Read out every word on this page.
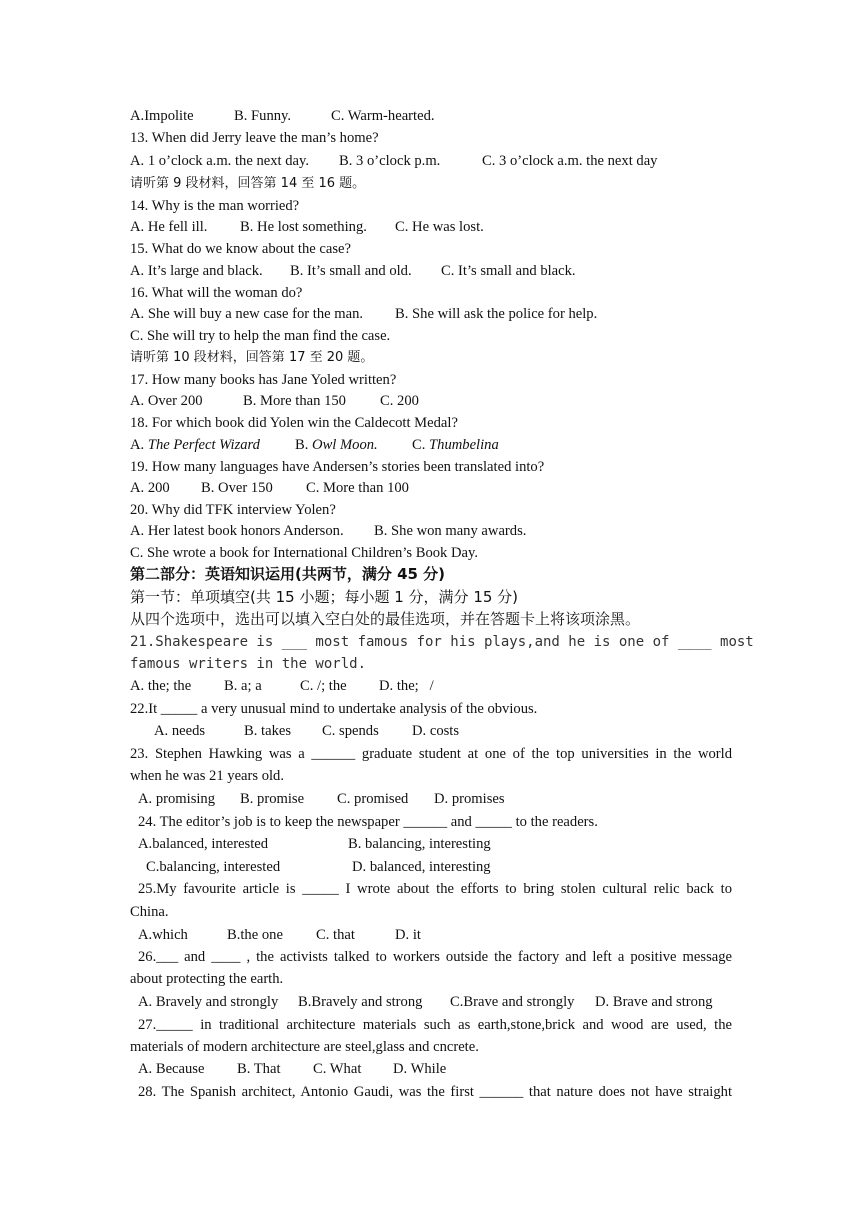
A.Impolite

	B. Funny.

	C. Warm-hearted.

13. When did Jerry leave the man’s home?

A. 1 o’clock a.m. the next day.

B. 3 o’clock p.m.

	C. 3 o’clock a.m. the next day

请听第 9 段材料，回答第 14 至 16 题。
14. Why is the man worried?

A. He fell ill.

B. He lost something.

C. He was lost.

15. What do we know about the case?

A. It’s large and black.

B. It’s small and old.

C. It’s small and black.

16. What will the woman do?

A. She will buy a new case for the man.

B. She will ask the police for help.

C. She will try to help the man find the case.
请听第 10 段材料，回答第 17 至 20 题。
17. How many books has Jane Yoled written?

A. Over 200

	B. More than 150

C. 200

18. For which book did Yolen win the Caldecott Medal?

A. The Perfect Wizard

B. Owl Moon.

C. Thumbelina

19. How many languages have Andersen’s stories been translated into?

A. 200

B. Over 150

C. More than 100

20. Why did TFK interview Yolen?

A. Her latest book honors Anderson.

B. She won many awards.

C. She wrote a book for International Children’s Book Day.
第二部分：英语知识运用(共两节，满分 45 分)
第一节：单项填空(共 15 小题；每小题 1 分，满分 15 分)
从四个选项中，选出可以填入空白处的最佳选项，并在答题卡上将该项涂黑。
21.Shakespeare is ___ most famous for his plays,and he is one of ____ most
famous writers in the world.

A. the; the

B. a; a

	C. /; the

D. the;   /

22.It _____ a very unusual mind to undertake analysis of the obvious.

A. needs

	B. takes

C. spends

D. costs

23. Stephen Hawking was a ______ graduate student at one of the top universities in the world
when he was 21 years old.

A. promising

B. promise

C. promised

D. promises

24. The editor’s job is to keep the newspaper ______ and _____ to the readers.

A.balanced, interested

	B. balancing, interesting

C.balancing, interested

	D. balanced, interesting

25.My favourite article is _____ I wrote about the efforts to bring stolen cultural relic back to
China.

A.which

	B.the one

C. that

	D. it

26.___ and ____ , the activists talked to workers outside the factory and left a positive message
about protecting the earth.

A. Bravely and strongly

B.Bravely and strong

C.Brave and strongly

D. Brave and strong

27._____ in traditional architecture materials such as earth,stone,brick and wood are used, the
materials of modern architecture are steel,glass and cncrete.

A. Because

B. That

C. What

D. While

28. The Spanish architect, Antonio Gaudi, was the first ______ that nature does not have straight
